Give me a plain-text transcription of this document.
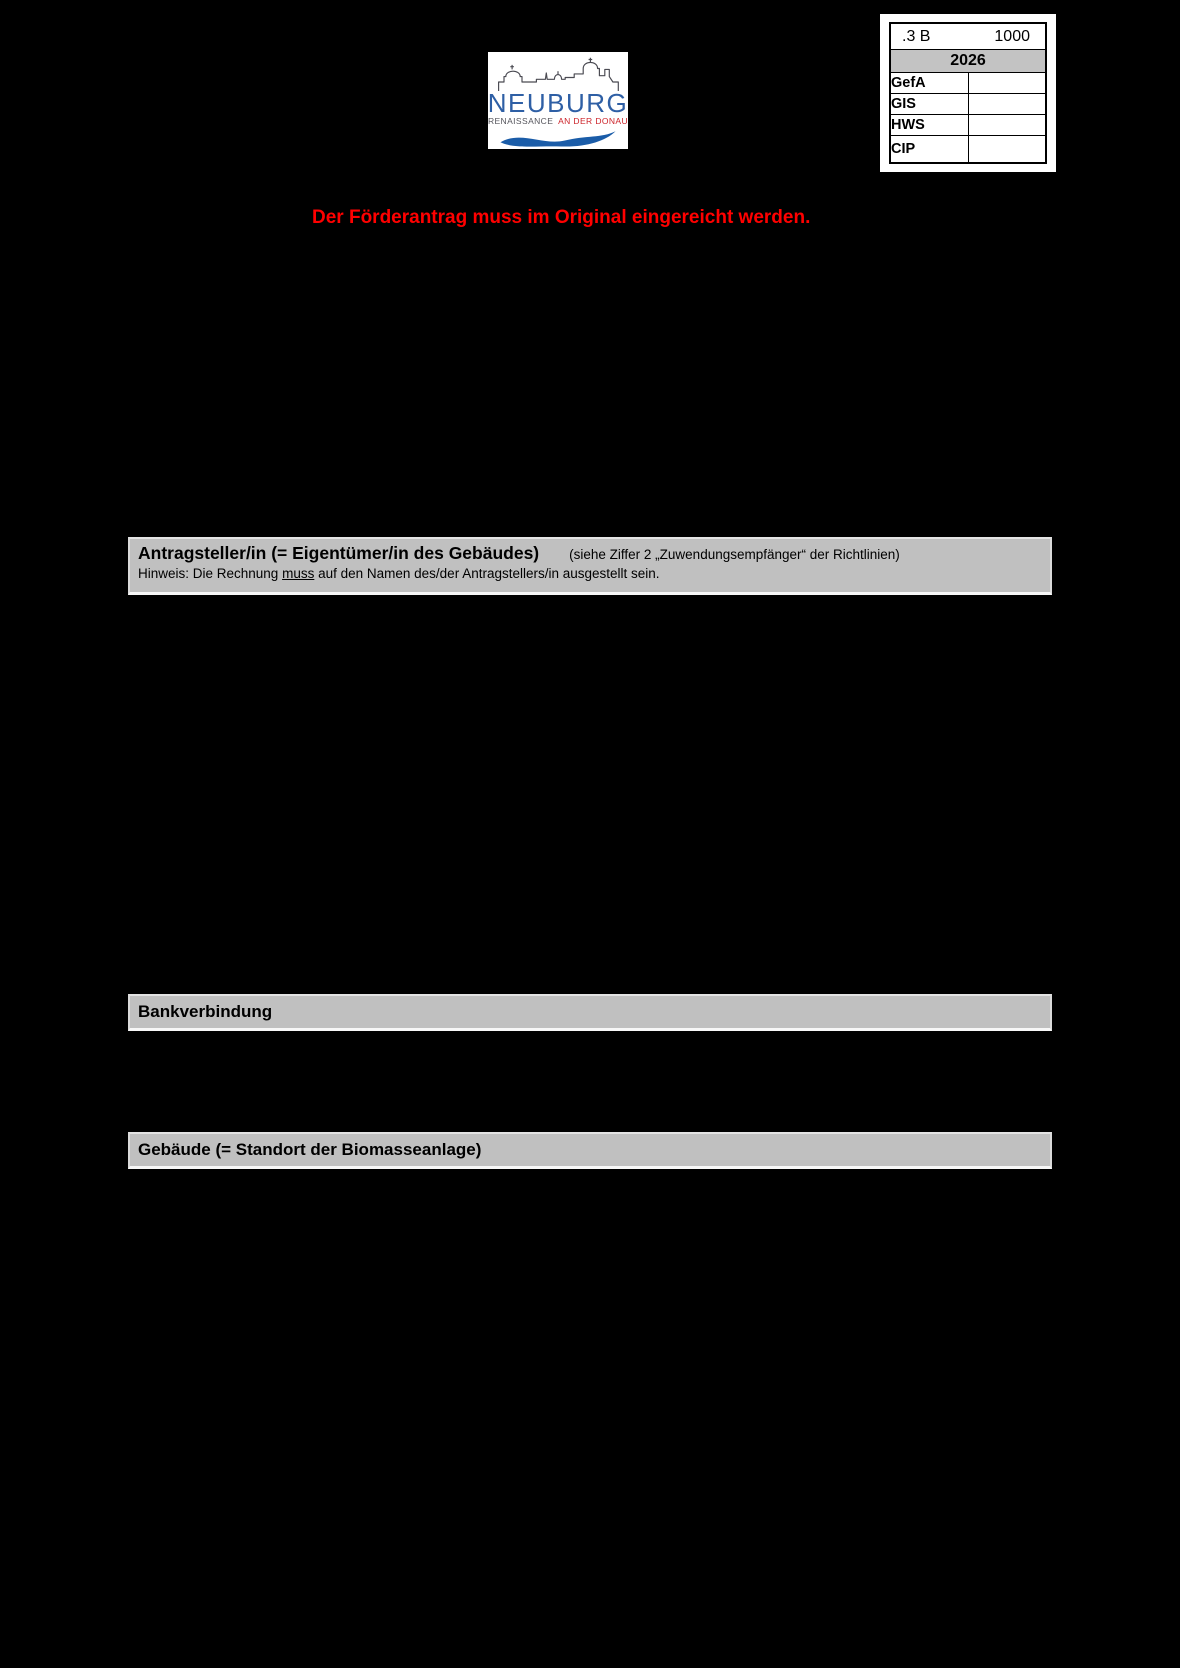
NEUBURG
RENAISSANCE AN DER DONAU
.3 B 1000	

2026	
GefA	
GIS	
HWS	
CIP	
Der Förderantrag muss im Original eingereicht werden.
Antragsteller/in (= Eigentümer/in des Gebäudes) (siehe Ziffer 2 „Zuwendungsempfänger“ der Richtlinien)
Hinweis: Die Rechnung muss auf den Namen des/der Antragstellers/in ausgestellt sein.
Bankverbindung
Gebäude (= Standort der Biomasseanlage)
